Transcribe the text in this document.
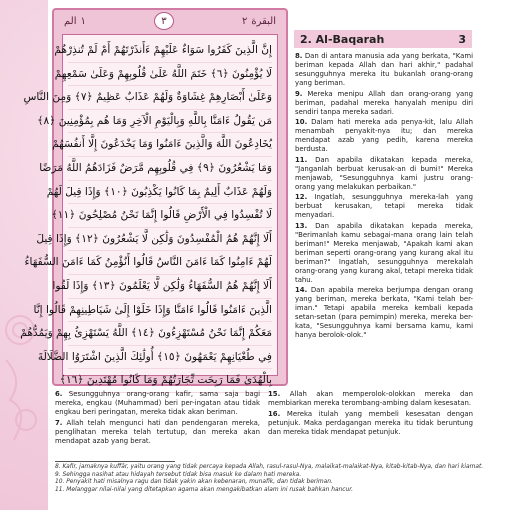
الم ١	٣	٢ البقرة
إِنَّ الَّذِينَ كَفَرُوا سَوَاءٌ عَلَيْهِمْ ءَأَنذَرْتَهُمْ أَمْ لَمْ تُنذِرْهُمْ
لَا يُؤْمِنُونَ ﴿٦﴾ خَتَمَ اللَّهُ عَلَىٰ قُلُوبِهِمْ وَعَلَىٰ سَمْعِهِمْ
وَعَلَىٰ أَبْصَارِهِمْ غِشَاوَةٌ وَلَهُمْ عَذَابٌ عَظِيمٌ ﴿٧﴾ وَمِنَ النَّاسِ
مَن يَقُولُ ءَامَنَّا بِاللَّهِ وَبِالْيَوْمِ الْآخِرِ وَمَا هُم بِمُؤْمِنِينَ ﴿٨﴾
يُخَادِعُونَ اللَّهَ وَالَّذِينَ ءَامَنُوا وَمَا يَخْدَعُونَ إِلَّا أَنفُسَهُمْ
وَمَا يَشْعُرُونَ ﴿٩﴾ فِي قُلُوبِهِم مَّرَضٌ فَزَادَهُمُ اللَّهُ مَرَضًا
وَلَهُمْ عَذَابٌ أَلِيمٌ بِمَا كَانُوا يَكْذِبُونَ ﴿١٠﴾ وَإِذَا قِيلَ لَهُمْ
لَا تُفْسِدُوا فِي الْأَرْضِ قَالُوا إِنَّمَا نَحْنُ مُصْلِحُونَ ﴿١١﴾
أَلَا إِنَّهُمْ هُمُ الْمُفْسِدُونَ وَلَٰكِن لَّا يَشْعُرُونَ ﴿١٢﴾ وَإِذَا قِيلَ
لَهُمْ ءَامِنُوا كَمَا ءَامَنَ النَّاسُ قَالُوا أَنُؤْمِنُ كَمَا ءَامَنَ السُّفَهَاءُ
أَلَا إِنَّهُمْ هُمُ السُّفَهَاءُ وَلَٰكِن لَّا يَعْلَمُونَ ﴿١٣﴾ وَإِذَا لَقُوا
الَّذِينَ ءَامَنُوا قَالُوا ءَامَنَّا وَإِذَا خَلَوْا إِلَىٰ شَيَاطِينِهِمْ قَالُوا إِنَّا
مَعَكُمْ إِنَّمَا نَحْنُ مُسْتَهْزِءُونَ ﴿١٤﴾ اللَّهُ يَسْتَهْزِئُ بِهِمْ وَيَمُدُّهُمْ
فِي طُغْيَانِهِمْ يَعْمَهُونَ ﴿١٥﴾ أُولَٰئِكَ الَّذِينَ اشْتَرَوُا الضَّلَالَةَ
بِالْهُدَىٰ فَمَا رَبِحَت تِّجَارَتُهُمْ وَمَا كَانُوا مُهْتَدِينَ ﴿١٦﴾
2. Al-Baqarah	3

8. Dan di antara manusia ada yang berkata, "Kami beriman kepada Allah dan hari akhir," padahal sesungguhnya mereka itu bukanlah orang-orang yang beriman.

9. Mereka menipu Allah dan orang-orang yang beriman, padahal mereka hanyalah menipu diri sendiri tanpa mereka sadari.

10. Dalam hati mereka ada penya-kit, lalu Allah menambah penyakit-nya itu; dan mereka mendapat azab yang pedih, karena mereka berdusta.

11. Dan apabila dikatakan kepada mereka, "Janganlah berbuat kerusak-an di bumi!" Mereka menjawab, "Sesungguhnya kami justru orang-orang yang melakukan perbaikan."

12. Ingatlah, sesungguhnya mereka-lah yang berbuat kerusakan, tetapi mereka tidak menyadari.

13. Dan apabila dikatakan kepada mereka, "Berimanlah kamu sebagai-mana orang lain telah beriman!" Mereka menjawab, "Apakah kami akan beriman seperti orang-orang yang kurang akal itu beriman?" Ingatlah, sesungguhnya merekalah orang-orang yang kurang akal, tetapi mereka tidak tahu.

14. Dan apabila mereka berjumpa dengan orang yang beriman, mereka berkata, "Kami telah ber-iman." Tetapi apabila mereka kembali kepada setan-setan (para pemimpin) mereka, mereka ber-kata, "Sesungguhnya kami bersama kamu, kami hanya berolok-olok."

6. Sesungguhnya orang-orang kafir, sama saja bagi mereka, engkau (Muhammad) beri per-ingatan atau tidak engkau beri peringatan, mereka tidak akan beriman.

7. Allah telah mengunci hati dan pendengaran mereka, penglihatan mereka telah tertutup, dan mereka akan mendapat azab yang berat.

15. Allah akan memperolok-olokkan mereka dan membiarkan mereka terombang-ambing dalam kesesatan.

16. Mereka itulah yang membeli kesesatan dengan petunjuk. Maka perdagangan mereka itu tidak beruntung dan mereka tidak mendapat petunjuk.

8. Kafir, jamaknya kuffār, yaitu orang yang tidak percaya kepada Allah, rasul-rasul-Nya, malaikat-malaikat-Nya, kitab-kitab-Nya, dan hari kiamat.
9. Sehingga nasihat atau hidayah tersebut tidak bisa masuk ke dalam hati mereka.
10. Penyakit hati misalnya ragu dan tidak yakin akan kebenaran, munafik, dan tidak beriman.
11. Melanggar nilai-nilai yang ditetapkan agama akan mengakibatkan alam ini rusak bahkan hancur.
